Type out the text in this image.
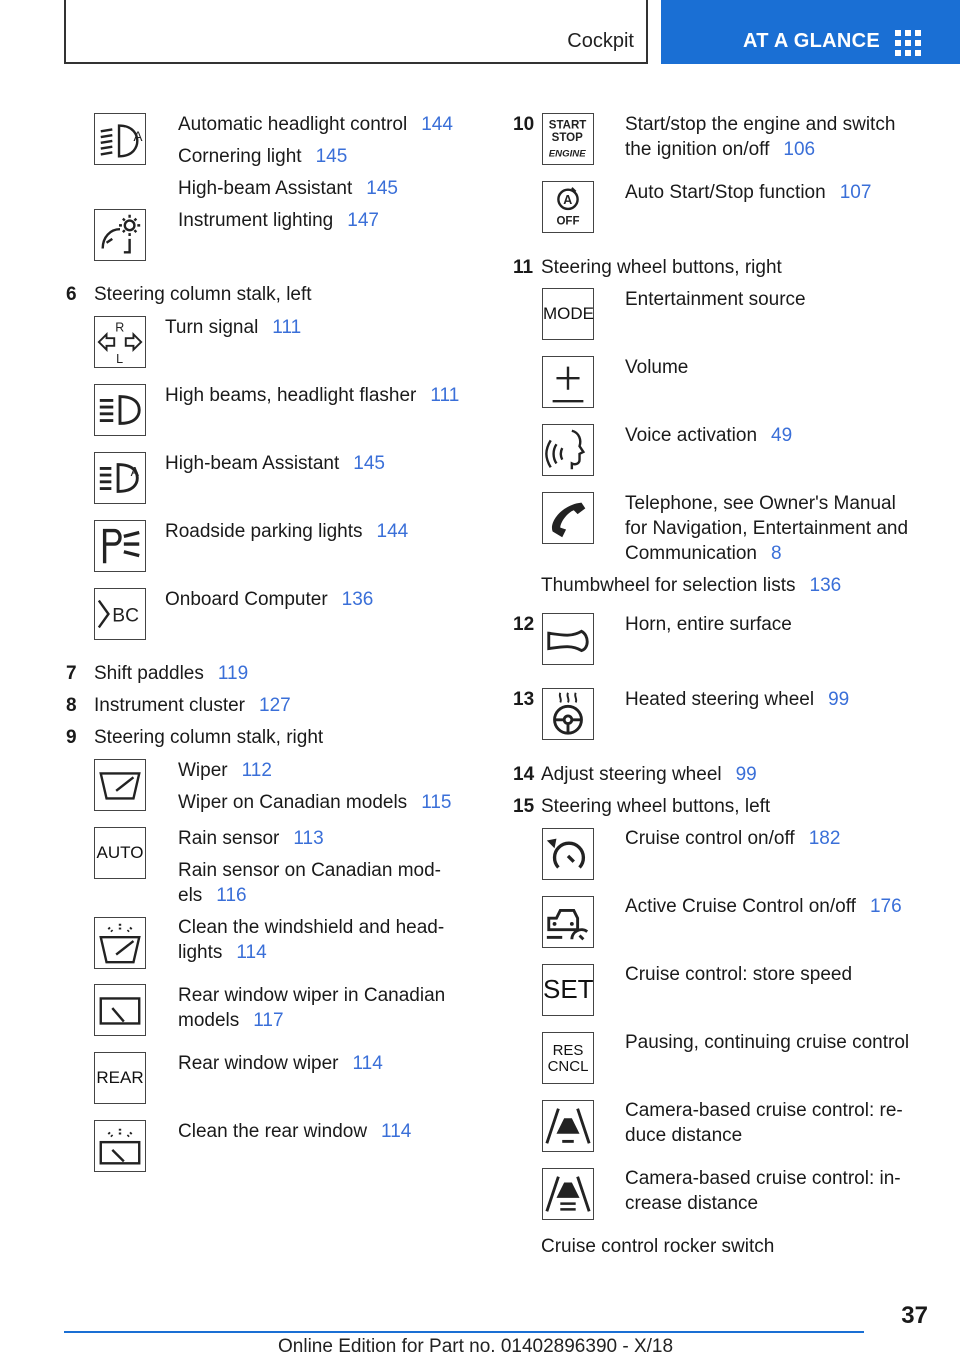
Cockpit	AT A GLANCE
A
Automatic headlight control 144
Cornering light 145
High-beam Assistant 145
Instrument lighting 147
6 Steering column stalk, left
R
L
Turn signal 111
High beams, headlight flasher 111
A High-beam Assistant 145
Roadside parking lights 144
BC
Onboard Computer 136
7 Shift paddles 119
8 Instrument cluster 127
9 Steering column stalk, right
Wiper 112
Wiper on Canadian models 115
AUTO
Rain sensor 113
Rain sensor on Canadian mod-
els 116
Clean the windshield and head-
lights 114
Rear window wiper in Canadian
models 117
REAR
Rear window wiper 114
Clean the rear window 114
10 START
STOP
ENGINE
Start/stop the engine and switch
the ignition on/off 106
A
OFF
Auto Start/Stop function 107
11 Steering wheel buttons, right
MODE
Entertainment source
Volume
Voice activation 49
Telephone, see Owner's Manual
for Navigation, Entertainment and
Communication 8
Thumbwheel for selection lists 136
12	Horn, entire surface
13	Heated steering wheel 99
14 Adjust steering wheel 99
15 Steering wheel buttons, left
Cruise control on/off 182
Active Cruise Control on/off 176
SET Cruise control: store speed
RES
CNCL
Pausing, continuing cruise control
Camera-based cruise control: re-
duce distance
Camera-based cruise control: in-
crease distance
Cruise control rocker switch
37
Online Edition for Part no. 01402896390 - X/18
